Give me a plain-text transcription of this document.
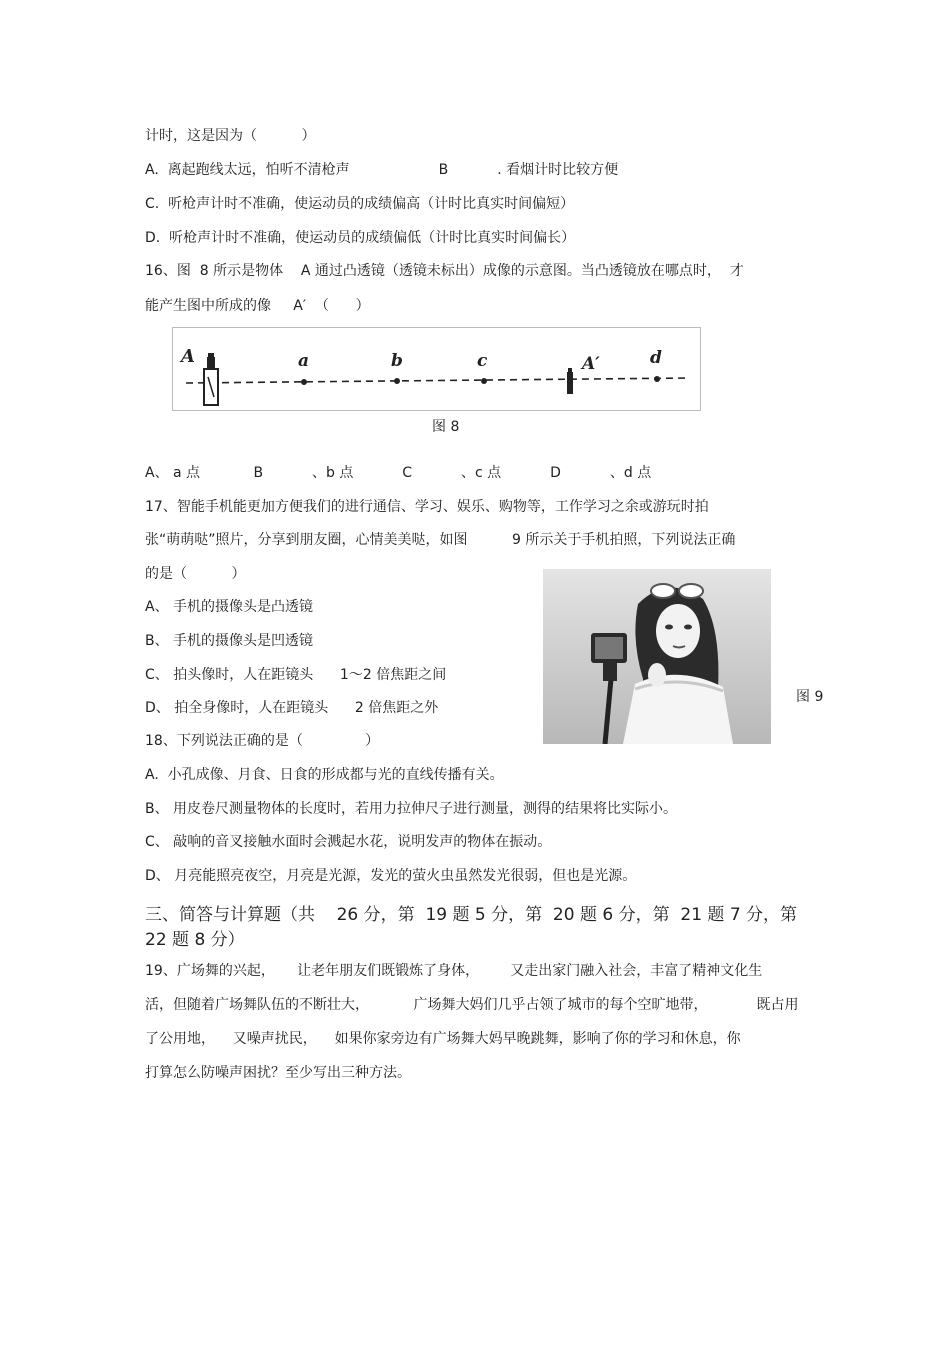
计时，这是因为（          ）
A.  离起跑线太远，怕听不清枪声                    B           . 看烟计时比较方便
C.  听枪声计时不准确，使运动员的成绩偏高（计时比真实时间偏短）
D.  听枪声计时不准确，使运动员的成绩偏低（计时比真实时间偏长）
16、图  8 所示是物体    A 通过凸透镜（透镜未标出）成像的示意图。当凸透镜放在哪点时，  才
能产生图中所成的像     A′  （      ）
A	a	b	c	A′	d
图 8
A、 a 点            B           、b 点           C           、c 点           D           、d 点
17、智能手机能更加方便我们的进行通信、学习、娱乐、购物等，工作学习之余或游玩时拍
张“萌萌哒”照片，分享到朋友圈，心情美美哒，如图          9 所示关于手机拍照，下列说法正确
的是（          ）
A、 手机的摄像头是凸透镜
B、 手机的摄像头是凹透镜
C、 拍头像时，人在距镜头      1～2 倍焦距之间
D、 拍全身像时，人在距镜头      2 倍焦距之外
图 9
18、下列说法正确的是（              ）
A.  小孔成像、月食、日食的形成都与光的直线传播有关。
B、 用皮卷尺测量物体的长度时，若用力拉伸尺子进行测量，测得的结果将比实际小。
C、 敲响的音叉接触水面时会溅起水花，说明发声的物体在振动。
D、 月亮能照亮夜空，月亮是光源，发光的萤火虫虽然发光很弱，但也是光源。
三、简答与计算题（共    26 分，第  19 题 5 分，第  20 题 6 分，第  21 题 7 分，第
22 题 8 分）
19、广场舞的兴起，     让老年朋友们既锻炼了身体，       又走出家门融入社会，丰富了精神文化生
活，但随着广场舞队伍的不断壮大，          广场舞大妈们几乎占领了城市的每个空旷地带，           既占用
了公用地，    又噪声扰民，    如果你家旁边有广场舞大妈早晚跳舞，影响了你的学习和休息，你
打算怎么防噪声困扰？至少写出三种方法。
